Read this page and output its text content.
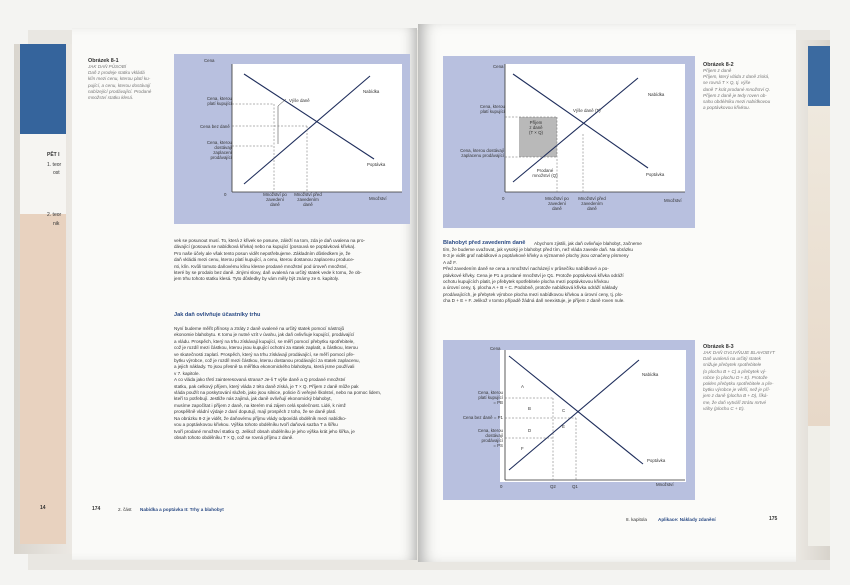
PĚT I
1. teor
ost
2. teor
nik
14
Obrázek 8-1
JAK DAŇ PŮSOBÍ
Daň z prodeje statku vkládá
klín mezi cenu, kterou platí ku-
pující, a cenu, kterou dostávají
nabízející prodávající. Prodané
množství statku klesá.
Cena
Množství
Nabídka
Poptávka
Výše daně
Cena, kterou
platí kupující
Cena bez daně
Cena, kterou
dostávají
zaplacení
prodávající
0	Množství po
zavedení
daně
Množství před
zavedením
daně
vek se posunout musí. To, která z křivek se posune, záleží na tom, zda je daň uvalena na pro-
dávající (posouvá se nabídková křivka) nebo na kupující (posouvá se poptávková křivka).
Pro naše účely ale však tento posun vidět nepotřebujeme. Základním důsledkem je, že
daň vkládá mezi cenu, kterou platí kupující, a cenu, kterou dostanou zaplacenu produce-
nti, klín. Kvůli tomuto daňovému klínu klesne prodané množství pod úroveň množství,
které by se prodalo bez daně. Jinými slovy, daň uvalená na určitý statek vede k tomu, že ob-
jem trhu tohoto statku klesá. Tyto důsledky by vám měly být známy ze 6. kapitoly.
Jak daň ovlivňuje účastníky trhu
Nyní budeme měřit přínosy a ztráty z daně uvalené na určitý statek pomocí nástrojů
ekonomie blahobytu. K tomu je nutné vzít v úvahu, jak daň ovlivňuje kupující, prodávající
a vládu. Prospěch, který na trhu získávají kupující, se měří pomocí přebytku spotřebitele,
což je rozdíl mezi částkou, kterou jsou kupující ochotni za statek zaplatit, a částkou, kterou
ve skutečnosti zaplatí. Prospěch, který na trhu získávají prodávající, se měří pomocí pře-
bytku výrobce, což je rozdíl mezi částkou, kterou dostanou prodávající za statek zaplacenu,
a jejich náklady. To jsou přesně ta měřítka ekonomického blahobytu, která jsme používali
v 7. kapitole.
A co vláda jako třetí zainteresovaná strana? Je-li T výše daně a Q prodané množství
statku, pak celkový příjem, který vláda z této daně získá, je T × Q. Příjem z daně může pak
vláda použít na poskytování služeb, jako jsou silnice, policie či veřejné školství, nebo na pomoc lidem,
kteří to potřebují. Jestliže nás zajímá, jak daně ovlivňují ekonomický blahobyt,
musíme započítat i příjem z daně, na kterém má zájem celá společnost. Lidé, k nimž
prospěšně vládní výdaje z daní doputují, mají prospěch z toho, že se daně platí.
Na obrázku 8-2 je vidět, že daňovému příjmu vlády odpovídá obdélník mezi nabídko-
vou a poptávkovou křivkou. Výška tohoto obdélníku tvoří daňová sazba T a šířku
tvoří prodané množství statku Q. Jelikož obsah obdélníku je jeho výška krát jeho šířka, je
obsah tohoto obdélníku T × Q, což se rovná příjmu z daně.
174	2. část Nabídka a poptávka II: Trhy a blahobyt
Cena
Množství
Nabídka
Poptávka
Výše daně (T)
Příjem
z daně
(T × Q)
Cena, kterou
platí kupující
Cena, kterou dostávají
zaplacenu prodávající
Prodané
množství (Q)
0	Množství po
zavedení
daně
Množství před
zavedením
daně
Obrázek 8-2
Příjem z daně
Příjem, který vláda z daně získá,
se rovná T × Q, tj. výše
daně T krát prodané množství Q.
Příjem z daně je tedy roven ob-
sahu obdélníku mezi nabídkovou
a poptávkovou křivkou.
Blahobyt před zavedením daně Abychom zjistili, jak daň ovlivňuje blahobyt, začneme
tím, že budeme uvažovat, jak vysoký je blahobyt před tím, než vláda zavede daň. Na obrázku
8-3 je vidět graf nabídkové a poptávkové křivky a významné plochy jsou označeny písmeny
A až F.
Před zavedením daně se cena a množství nacházejí v průsečíku nabídkové a po-
ptávkové křivky. Cena je P1 a prodané množství je Q1. Protože poptávková křivka odráží
ochotu kupujících platit, je přebytek spotřebitele plocha mezi poptávkovou křivkou
a úrovní ceny, tj. plocha A + B + C. Podobně, protože nabídková křivka odráží náklady
prodávajících, je přebytek výrobce plocha mezi nabídkovou křivkou a úrovní ceny, tj. plo-
cha D + E + F. Jelikož v tomto případě žádná daň neexistuje, je příjem z daně roven nule.
Cena
Množství
Nabídka
Poptávka
Cena, kterou
platí kupující
= PB
Cena bez daně = P1
Cena, kterou
dostávají
prodávající
= PS
A
B	C
D
E
F
0	Q2	Q1
Obrázek 8-3
JAK DAŇ OVLIVŇUJE BLAHOBYT
Daň uvalená na určitý statek
snižuje přebytek spotřebitele
(o plochu B + C) a přebytek vý-
robce (o plochu D + E). Protože
pokles přebytku spotřebitele a pře-
bytku výrobce je větší, než je pří-
jem z daně (plocha B + D), říká-
me, že daň vytváří ztrátu mrtvé
váhy (plochu C + E).
8. kapitola Aplikace: Náklady zdanění	175
